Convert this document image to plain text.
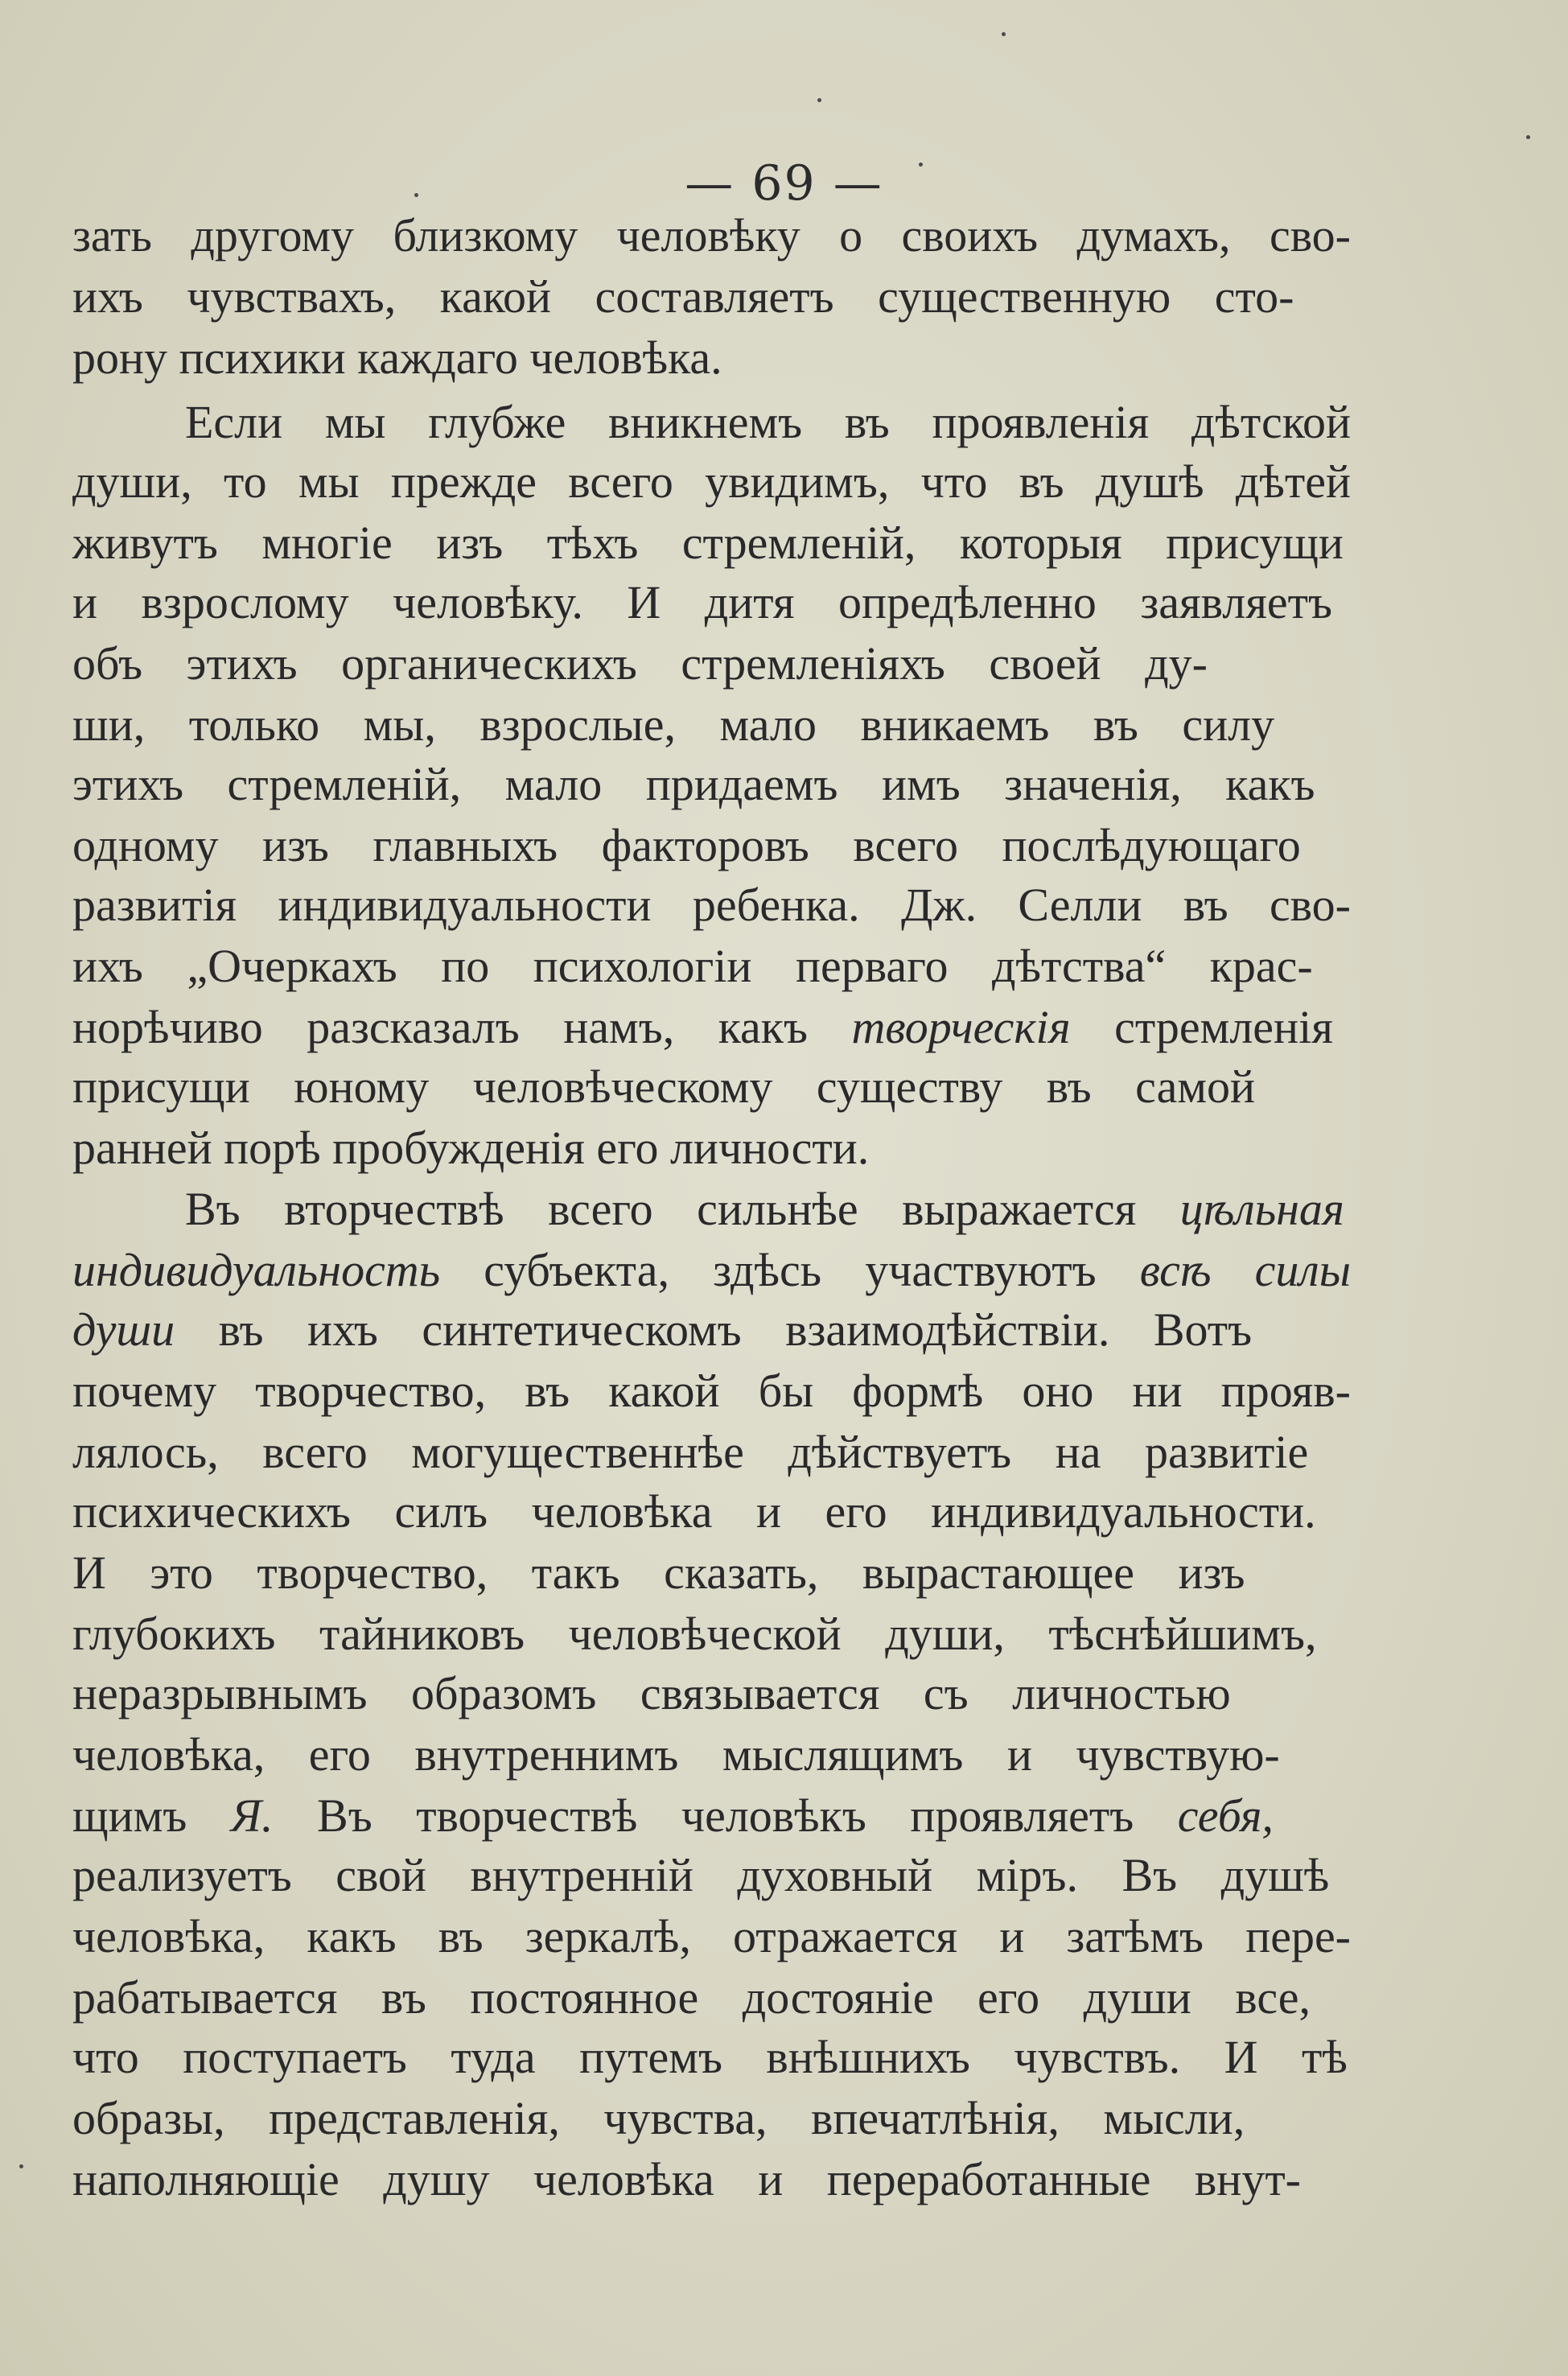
— 69 —
зать другому близкому человѣку о своихъ думахъ, сво-
ихъ чувствахъ, какой составляетъ существенную сто-
рону психики каждаго человѣка.
Если мы глубже вникнемъ въ проявленія дѣтской
души, то мы прежде всего увидимъ, что въ душѣ дѣтей
живутъ многіе изъ тѣхъ стремленій, которыя присущи
и взрослому человѣку. И дитя опредѣленно заявляетъ
объ этихъ органическихъ стремленіяхъ своей ду-
ши, только мы, взрослые, мало вникаемъ въ силу
этихъ стремленій, мало придаемъ имъ значенія, какъ
одному изъ главныхъ факторовъ всего послѣдующаго
развитія индивидуальности ребенка. Дж. Селли въ сво-
ихъ „Очеркахъ по психологіи перваго дѣтства“ крас-
норѣчиво разсказалъ намъ, какъ творческія стремленія
присущи юному человѣческому существу въ самой
ранней порѣ пробужденія его личности.
Въ вторчествѣ всего сильнѣе выражается цѣльная
индивидуальность субъекта, здѣсь участвуютъ всѣ силы
души въ ихъ синтетическомъ взаимодѣйствіи. Вотъ
почему творчество, въ какой бы формѣ оно ни прояв-
лялось, всего могущественнѣе дѣйствуетъ на развитіе
психическихъ силъ человѣка и его индивидуальности.
И это творчество, такъ сказать, вырастающее изъ
глубокихъ тайниковъ человѣческой души, тѣснѣйшимъ,
неразрывнымъ образомъ связывается съ личностью
человѣка, его внутреннимъ мыслящимъ и чувствую-
щимъ Я. Въ творчествѣ человѣкъ проявляетъ себя,
реализуетъ свой внутренній духовный міръ. Въ душѣ
человѣка, какъ въ зеркалѣ, отражается и затѣмъ пере-
рабатывается въ постоянное достояніе его души все,
что поступаетъ туда путемъ внѣшнихъ чувствъ. И тѣ
образы, представленія, чувства, впечатлѣнія, мысли,
наполняющіе душу человѣка и переработанные внут-
